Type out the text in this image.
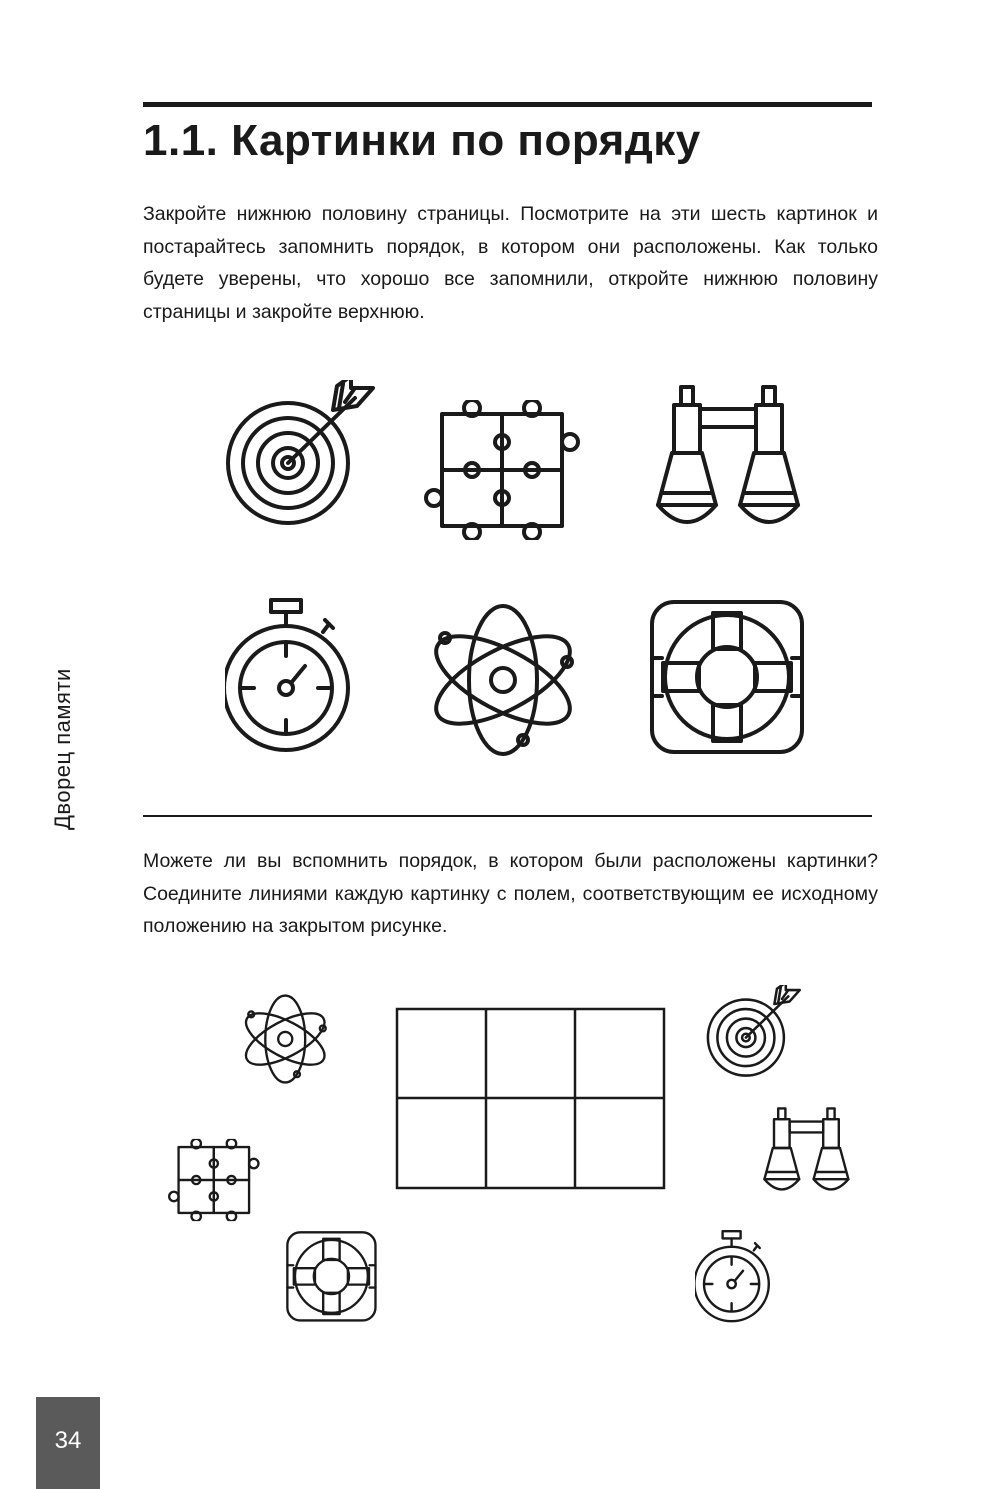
1.1. Картинки по порядку

Закройте нижнюю половину страницы. Посмотрите на эти шесть картинок и постарайтесь запомнить порядок, в котором они расположены. Как только будете уверены, что хорошо все запомнили, откройте нижнюю половину страницы и закройте верхнюю.

Можете ли вы вспомнить порядок, в котором были расположены картинки? Соедините линиями каждую картинку с полем, соответствующим ее исходному положению на закрытом рисунке.

Дворец памяти
34
